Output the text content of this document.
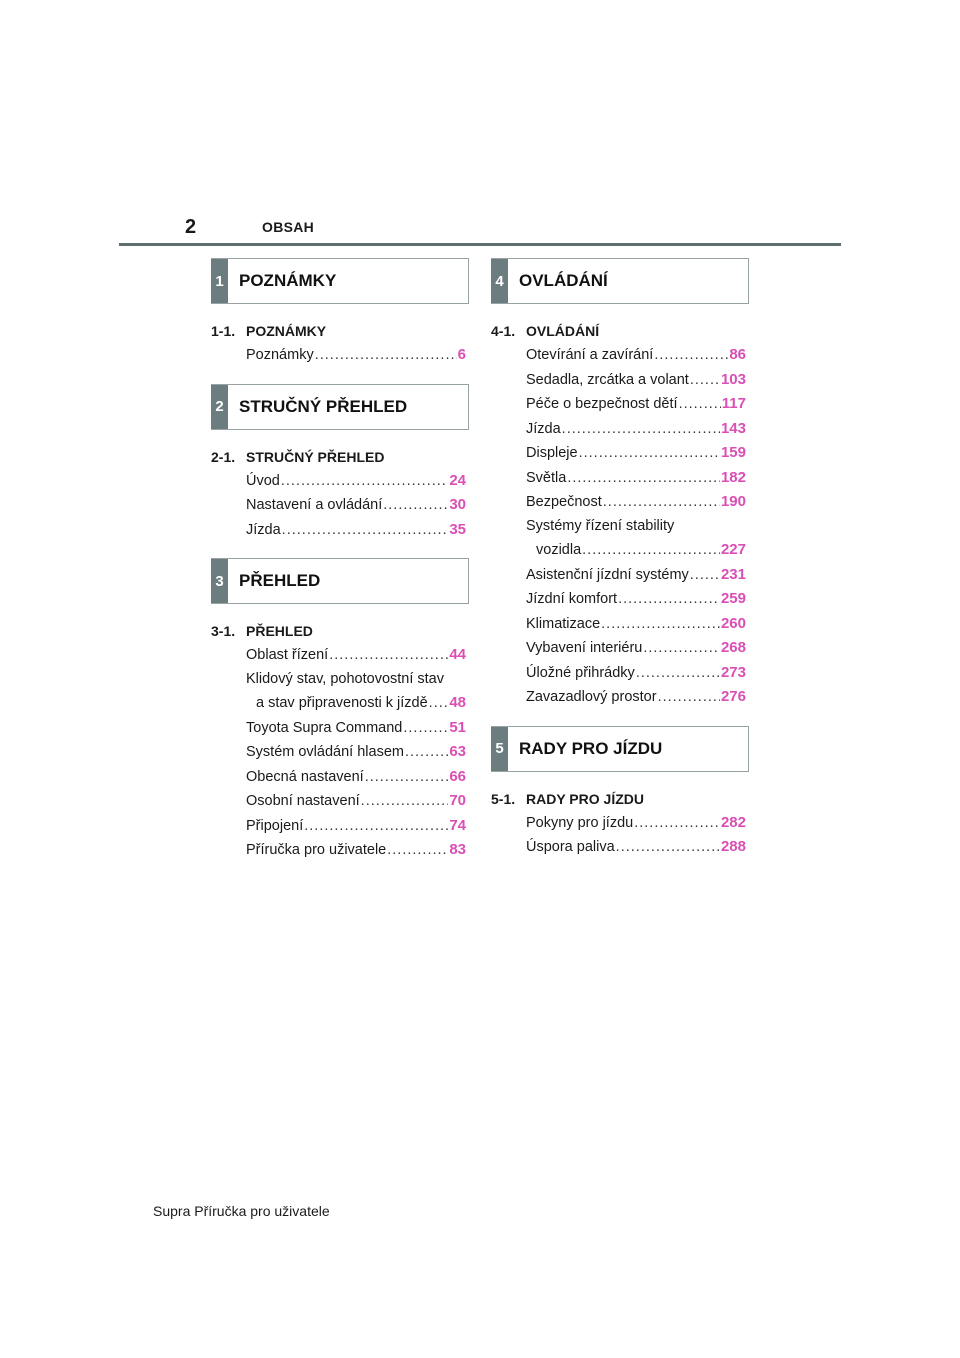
2	OBSAH
1 POZNÁMKY
1-1. POZNÁMKY
Poznámky .....	6
2 STRUČNÝ PŘEHLED
2-1. STRUČNÝ PŘEHLED
Úvod .....	24
Nastavení a ovládání .....	30
Jízda .....	35
3 PŘEHLED
3-1. PŘEHLED
Oblast řízení .....	44
Klidový stav, pohotovostní stav
a stav připravenosti k jízdě ..... 48
Toyota Supra Command .....	51
Systém ovládání hlasem .....	63
Obecná nastavení .....	66
Osobní nastavení .....	70
Připojení .....	74
Příručka pro uživatele .....	83
4 OVLÁDÁNÍ
4-1. OVLÁDÁNÍ
Otevírání a zavírání .....	86
Sedadla, zrcátka a volant ..... 103
Péče o bezpečnost dětí .....	117
Jízda .....	143
Displeje .....	159
Světla .....	182
Bezpečnost .....	190
Systémy řízení stability
vozidla .....	227
Asistenční jízdní systémy ..... 231
Jízdní komfort .....	259
Klimatizace .....	260
Vybavení interiéru .....	268
Úložné přihrádky .....	273
Zavazadlový prostor .....	276
5 RADY PRO JÍZDU
5-1. RADY PRO JÍZDU
Pokyny pro jízdu .....	282
Úspora paliva .....	288
Supra Příručka pro uživatele
